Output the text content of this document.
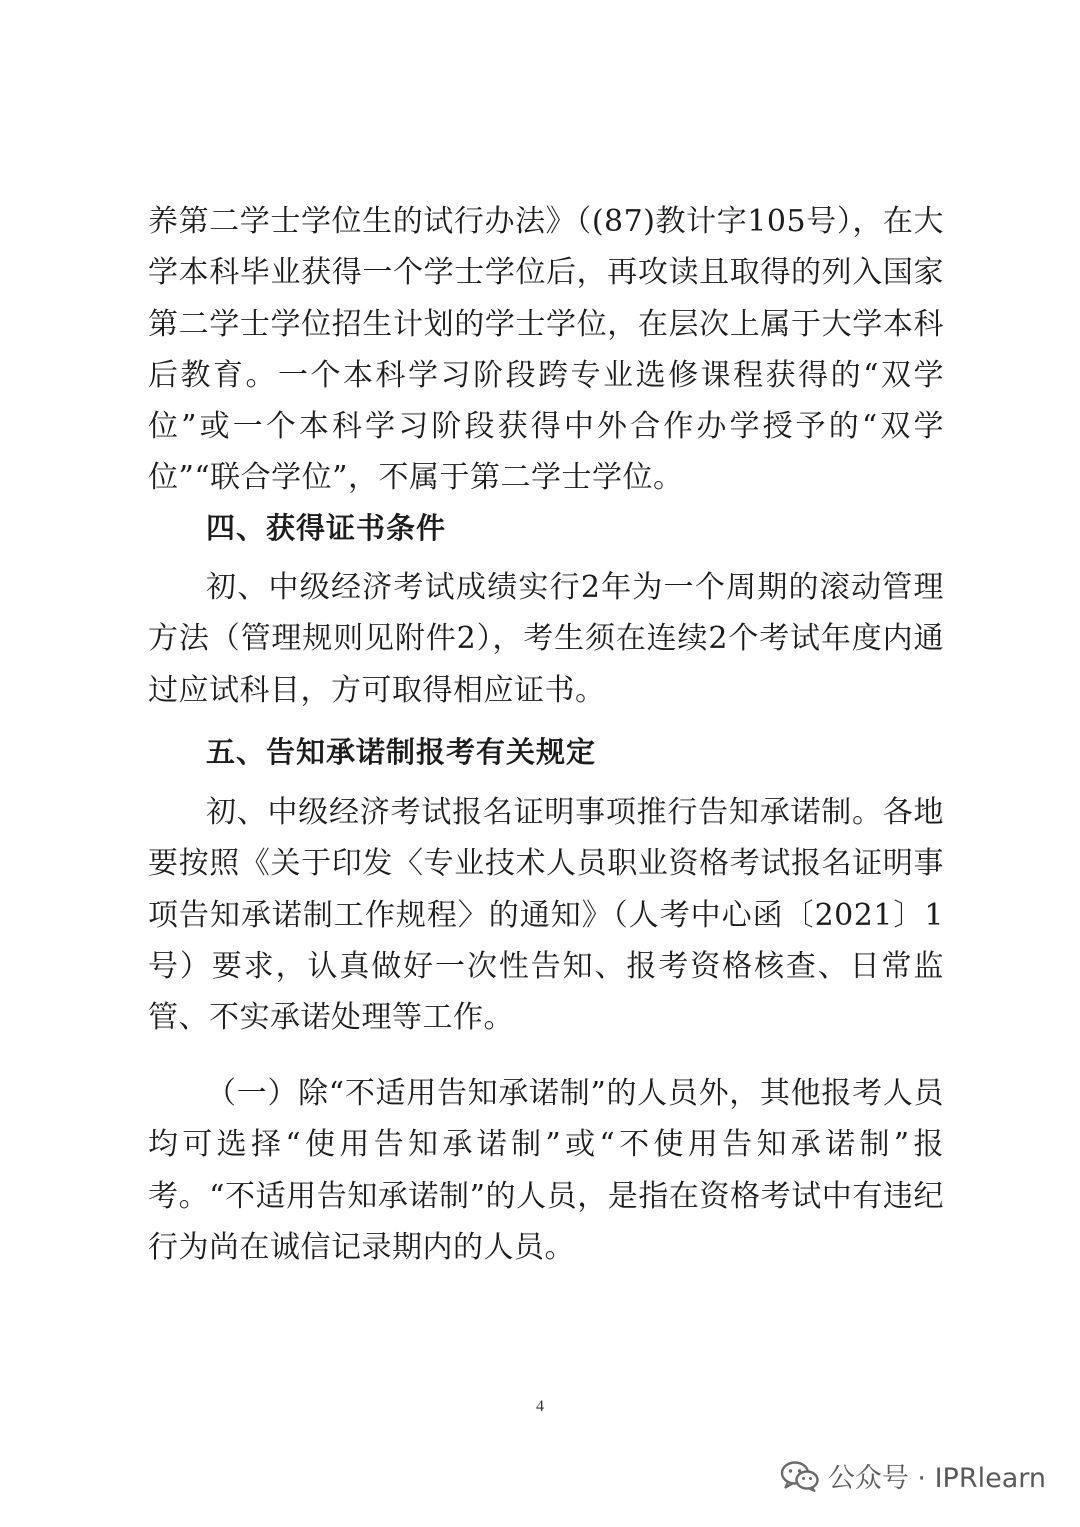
养第二学士学位生的试行办法》（(87)教计字105号），在大学本科毕业获得一个学士学位后，再攻读且取得的列入国家第二学士学位招生计划的学士学位，在层次上属于大学本科后教育。一个本科学习阶段跨专业选修课程获得的“双学位”或一个本科学习阶段获得中外合作办学授予的“双学位”“联合学位”，不属于第二学士学位。

四、获得证书条件

初、中级经济考试成绩实行2年为一个周期的滚动管理方法（管理规则见附件2），考生须在连续2个考试年度内通过应试科目，方可取得相应证书。

五、告知承诺制报考有关规定

初、中级经济考试报名证明事项推行告知承诺制。各地要按照《关于印发〈专业技术人员职业资格考试报名证明事项告知承诺制工作规程〉的通知》（人考中心函〔2021〕1号）要求，认真做好一次性告知、报考资格核查、日常监管、不实承诺处理等工作。

（一）除“不适用告知承诺制”的人员外，其他报考人员均可选择“使用告知承诺制”或“不使用告知承诺制”报考。“不适用告知承诺制”的人员，是指在资格考试中有违纪行为尚在诚信记录期内的人员。

4
公众号 · IPRlearn
